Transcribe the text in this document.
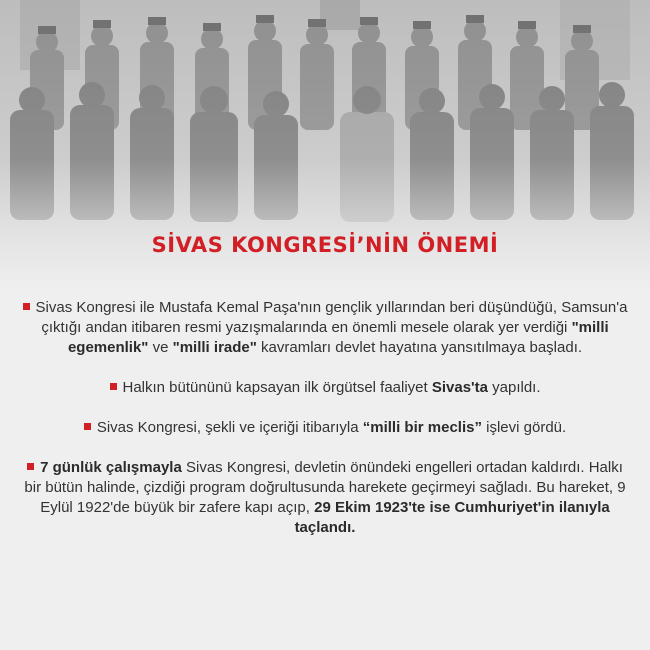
SİVAS KONGRESİ’NİN ÖNEMİ

Sivas Kongresi ile Mustafa Kemal Paşa'nın gençlik yıllarından beri düşündüğü, Samsun'a çıktığı andan itibaren resmi yazışmalarında en önemli mesele olarak yer verdiği "milli egemenlik" ve "milli irade" kavramları devlet hayatına yansıtılmaya başladı.

Halkın bütününü kapsayan ilk örgütsel faaliyet Sivas'ta yapıldı.

Sivas Kongresi, şekli ve içeriği itibarıyla “milli bir meclis” işlevi gördü.

7 günlük çalışmayla Sivas Kongresi, devletin önündeki engelleri ortadan kaldırdı. Halkı bir bütün halinde, çizdiği program doğrultusunda harekete geçirmeyi sağladı. Bu hareket, 9 Eylül 1922'de büyük bir zafere kapı açıp, 29 Ekim 1923'te ise Cumhuriyet'in ilanıyla taçlandı.
